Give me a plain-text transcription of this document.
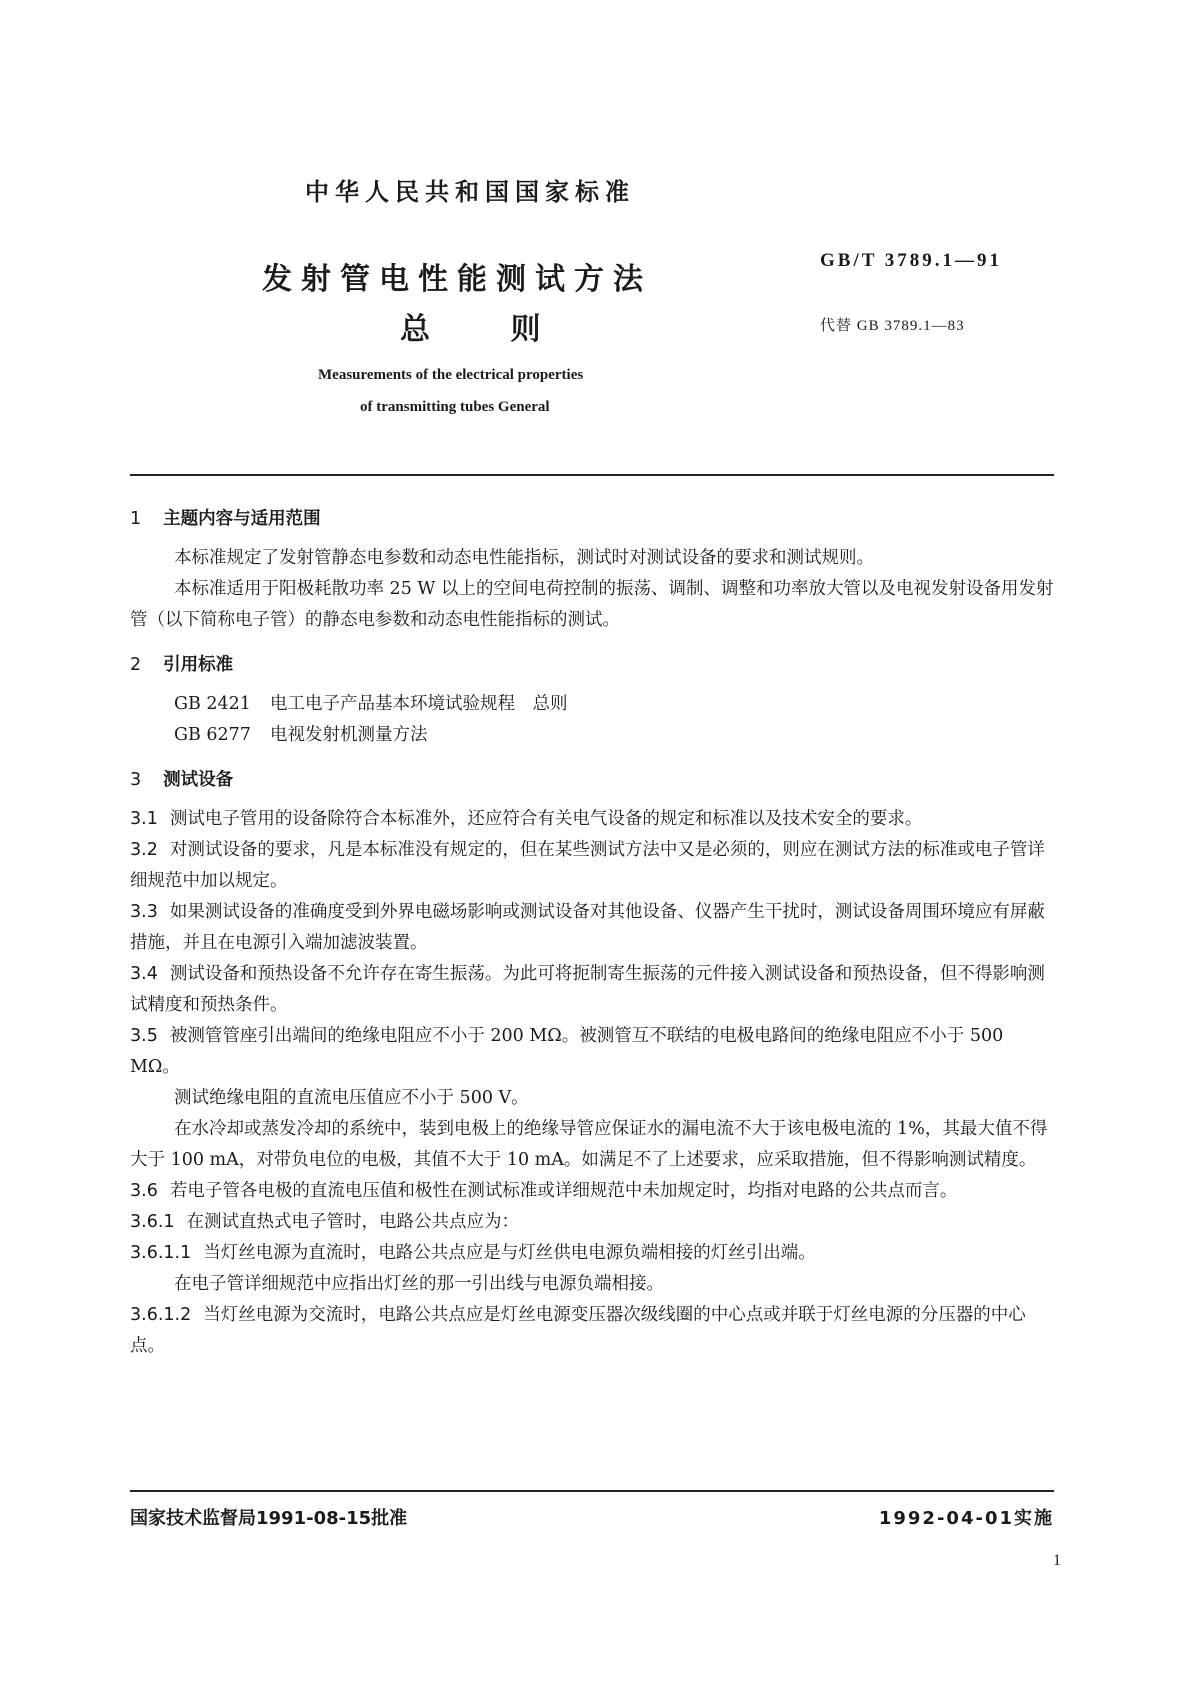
中华人民共和国国家标准
发射管电性能测试方法
总 则
GB/T 3789.1—91
代替 GB 3789.1—83
Measurements of the electrical properties
of transmitting tubes General
1 主题内容与适用范围

本标准规定了发射管静态电参数和动态电性能指标，测试时对测试设备的要求和测试规则。

本标准适用于阳极耗散功率 25 W 以上的空间电荷控制的振荡、调制、调整和功率放大管以及电视发射设备用发射管（以下简称电子管）的静态电参数和动态电性能指标的测试。

2 引用标准
GB 2421 电工电子产品基本环境试验规程　总则
GB 6277 电视发射机测量方法
3 测试设备

3.1 测试电子管用的设备除符合本标准外，还应符合有关电气设备的规定和标准以及技术安全的要求。

3.2 对测试设备的要求，凡是本标准没有规定的，但在某些测试方法中又是必须的，则应在测试方法的标准或电子管详细规范中加以规定。

3.3 如果测试设备的准确度受到外界电磁场影响或测试设备对其他设备、仪器产生干扰时，测试设备周围环境应有屏蔽措施，并且在电源引入端加滤波装置。

3.4 测试设备和预热设备不允许存在寄生振荡。为此可将扼制寄生振荡的元件接入测试设备和预热设备，但不得影响测试精度和预热条件。

3.5 被测管管座引出端间的绝缘电阻应不小于 200 MΩ。被测管互不联结的电极电路间的绝缘电阻应不小于 500 MΩ。

测试绝缘电阻的直流电压值应不小于 500 V。

在水冷却或蒸发冷却的系统中，装到电极上的绝缘导管应保证水的漏电流不大于该电极电流的 1%，其最大值不得大于 100 mA，对带负电位的电极，其值不大于 10 mA。如满足不了上述要求，应采取措施，但不得影响测试精度。

3.6 若电子管各电极的直流电压值和极性在测试标准或详细规范中未加规定时，均指对电路的公共点而言。

3.6.1 在测试直热式电子管时，电路公共点应为：

3.6.1.1 当灯丝电源为直流时，电路公共点应是与灯丝供电电源负端相接的灯丝引出端。

在电子管详细规范中应指出灯丝的那一引出线与电源负端相接。

3.6.1.2 当灯丝电源为交流时，电路公共点应是灯丝电源变压器次级线圈的中心点或并联于灯丝电源的分压器的中心点。

国家技术监督局1991-08-15批准	1992-04-01实施
1
